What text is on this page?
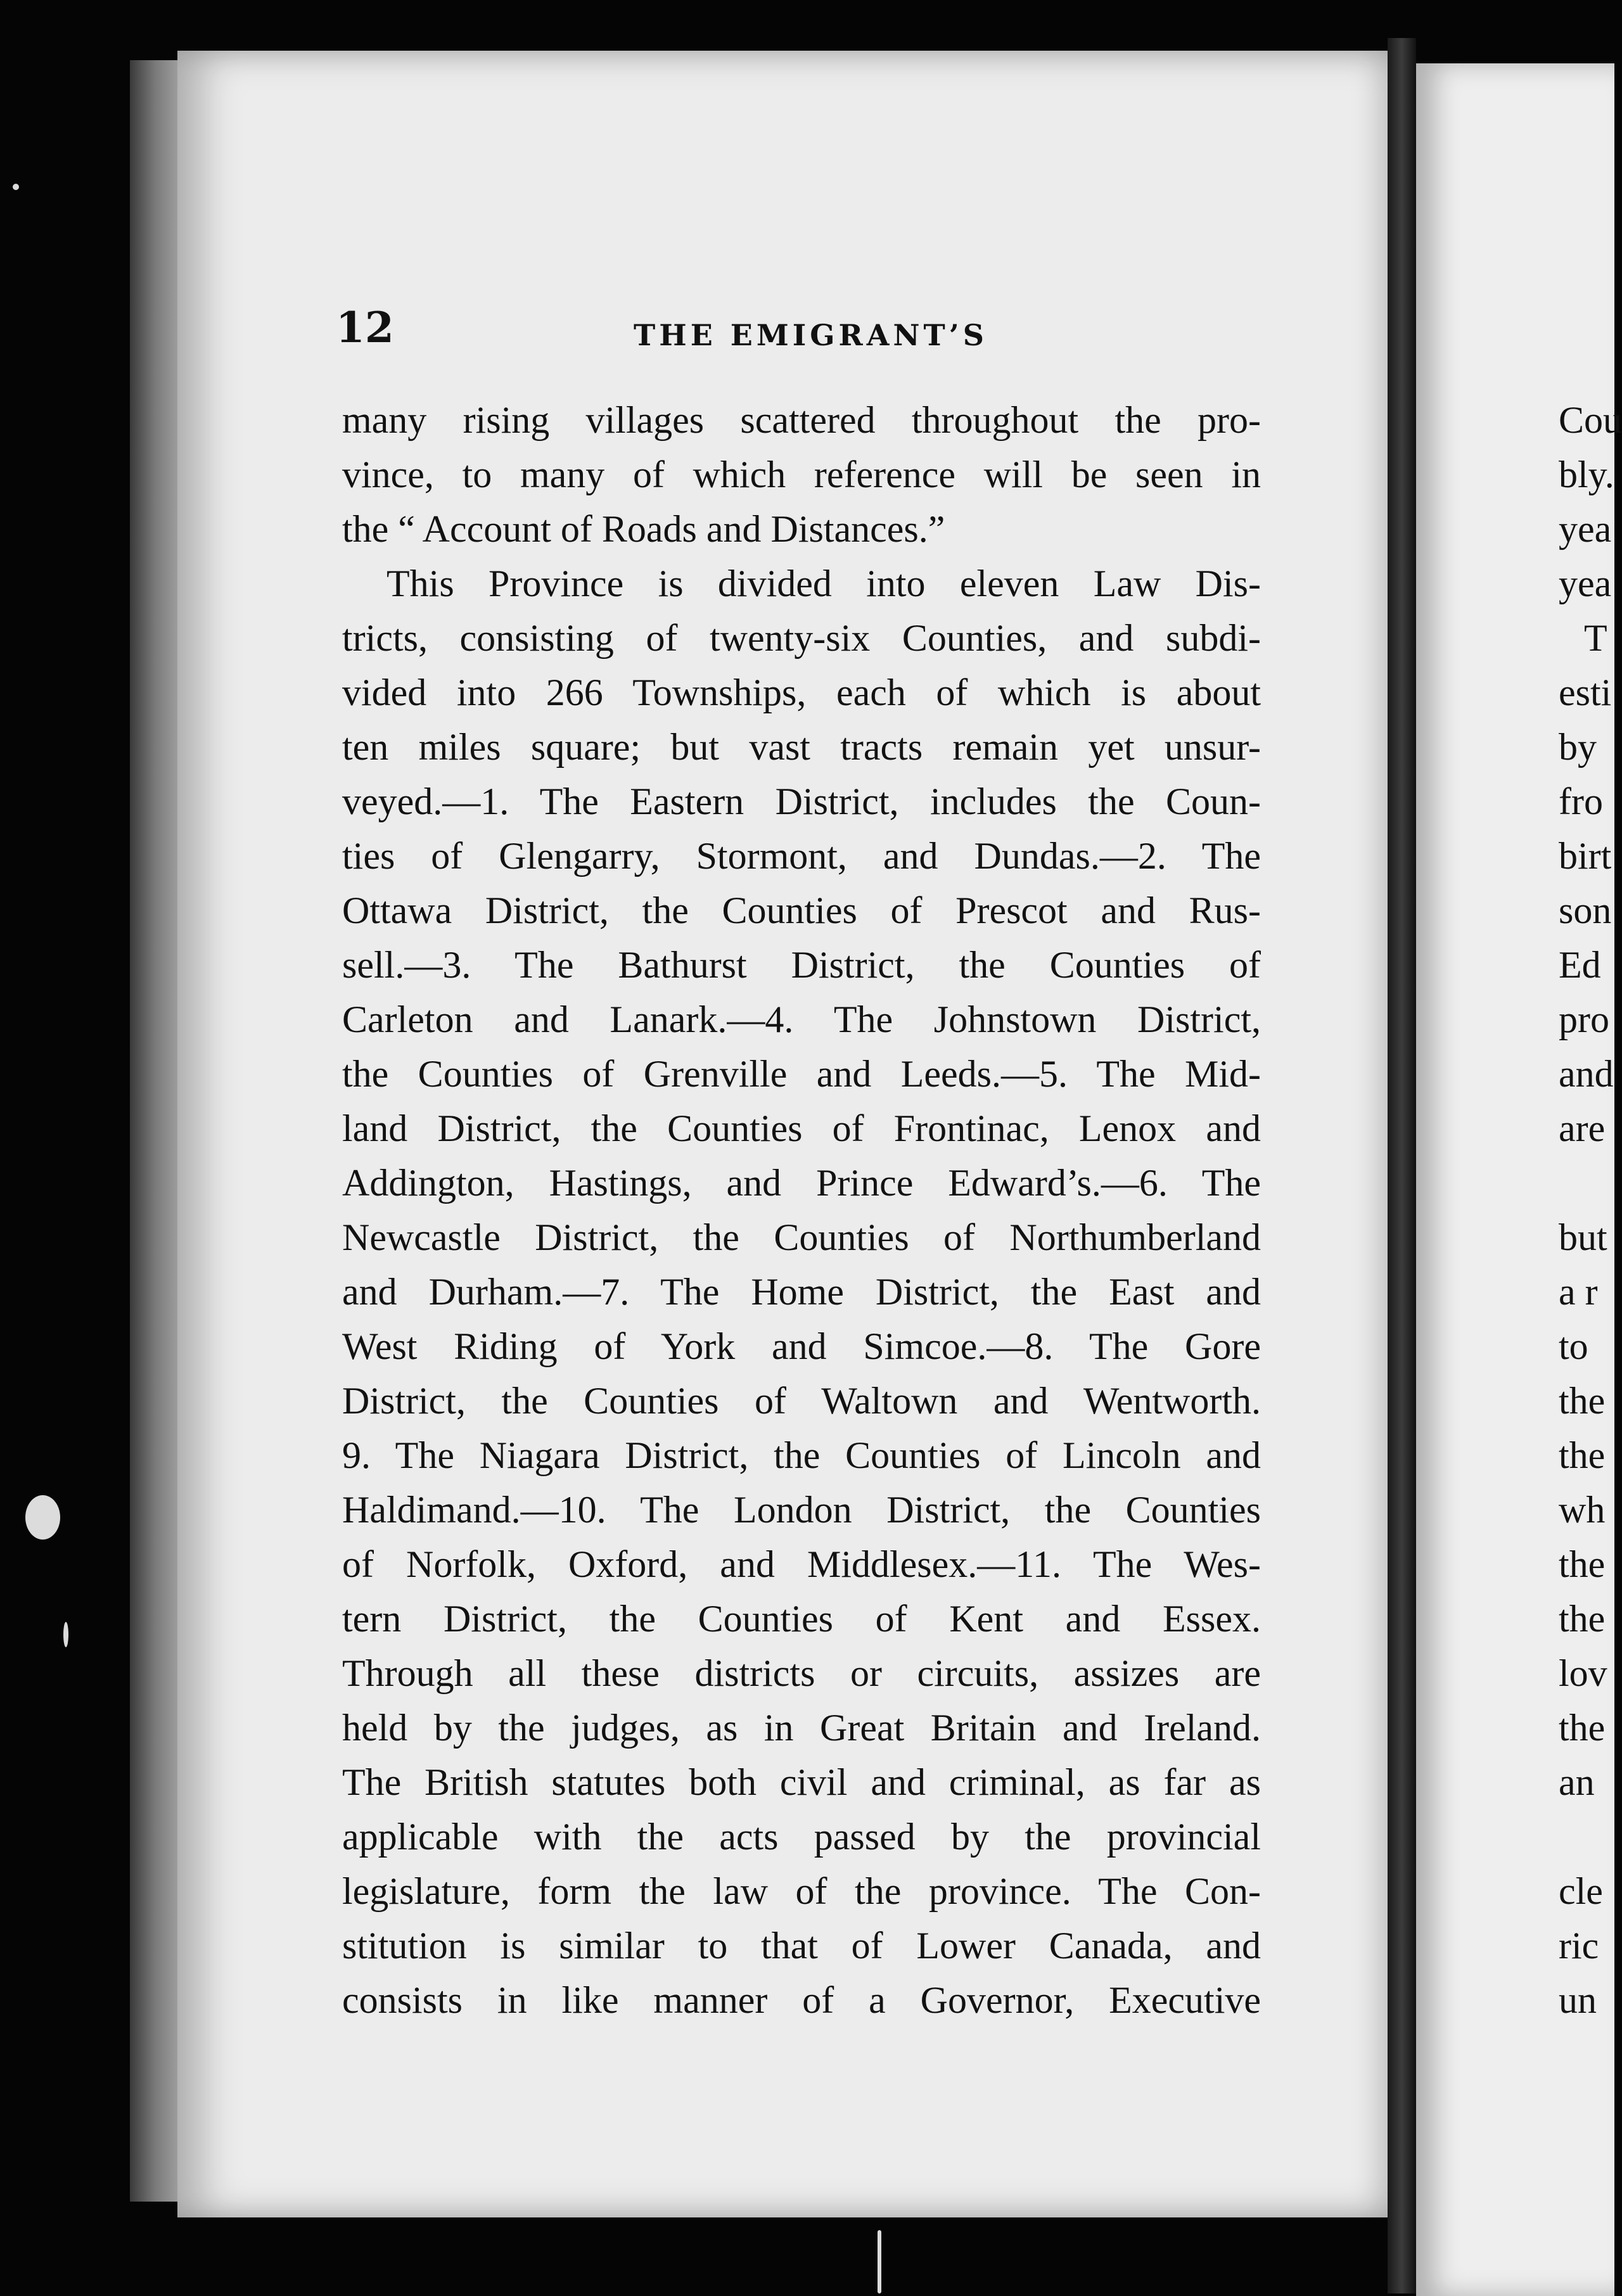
12	THE EMIGRANT’S
many rising villages scattered throughout the pro-
vince, to many of which reference will be seen in
the “ Account of Roads and Distances.”
This Province is divided into eleven Law Dis-
tricts, consisting of twenty-six Counties, and subdi-
vided into 266 Townships, each of which is about
ten miles square; but vast tracts remain yet unsur-
veyed.—1. The Eastern District, includes the Coun-
ties of Glengarry, Stormont, and Dundas.—2. The
Ottawa District, the Counties of Prescot and Rus-
sell.—3. The Bathurst District, the Counties of
Carleton and Lanark.—4. The Johnstown District,
the Counties of Grenville and Leeds.—5. The Mid-
land District, the Counties of Frontinac, Lenox and
Addington, Hastings, and Prince Edward’s.—6. The
Newcastle District, the Counties of Northumberland
and Durham.—7. The Home District, the East and
West Riding of York and Simcoe.—8. The Gore
District, the Counties of Waltown and Wentworth.
9. The Niagara District, the Counties of Lincoln and
Haldimand.—10. The London District, the Counties
of Norfolk, Oxford, and Middlesex.—11. The Wes-
tern District, the Counties of Kent and Essex.
Through all these districts or circuits, assizes are
held by the judges, as in Great Britain and Ireland.
The British statutes both civil and criminal, as far as
applicable with the acts passed by the provincial
legislature, form the law of the province. The Con-
stitution is similar to that of Lower Canada, and
consists in like manner of a Governor, Executive
Cou
bly.
yea
yea
T
esti
by
fro
birt
son
Ed
pro
and
are
but
a r
to
the
the
wh
the
the
lov
the
an
cle
ric
un
